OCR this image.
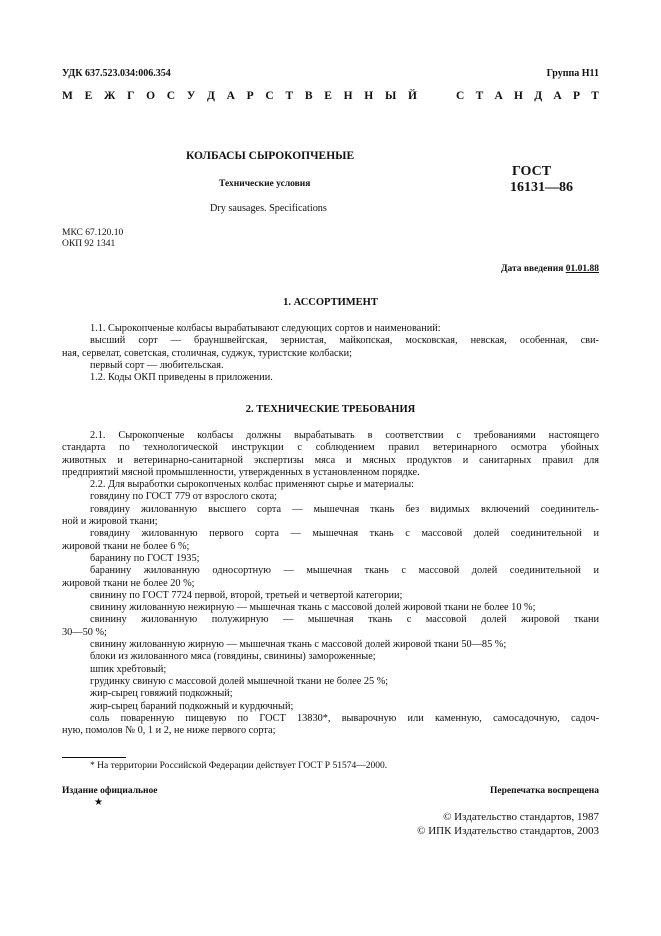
УДК 637.523.034:006.354	Группа Н11
М Е Ж Г О С У Д А Р С Т В Е Н Н Ы Й	С Т А Н Д А Р Т
КОЛБАСЫ СЫРОКОПЧЕНЫЕ
Технические условия
Dry sausages. Specifications
ГОСТ
16131—86
МКС 67.120.10
ОКП 92 1341
Дата введения 01.01.88
1. АССОРТИМЕНТ

1.1. Сырокопченые колбасы вырабатывают следующих сортов и наименований:

высший сорт — брауншвейгская, зернистая, майкопская, московская, невская, особенная, сви-

ная, сервелат, советская, столичная, суджук, туристские колбаски;

первый сорт — любительская.

1.2. Коды ОКП приведены в приложении.

2. ТЕХНИЧЕСКИЕ ТРЕБОВАНИЯ

2.1. Сырокопченые колбасы должны вырабатывать в соответствии с требованиями настоящего

стандарта по технологической инструкции с соблюдением правил ветеринарного осмотра убойных

животных и ветеринарно-санитарной экспертизы мяса и мясных продуктов и санитарных правил для

предприятий мясной промышленности, утвержденных в установленном порядке.

2.2. Для выработки сырокопченых колбас применяют сырье и материалы:

говядину по ГОСТ 779 от взрослого скота;

говядину жилованную высшего сорта — мышечная ткань без видимых включений соединитель-

ной и жировой ткани;

говядину жилованную первого сорта — мышечная ткань с массовой долей соединительной и

жировой ткани не более 6 %;

баранину по ГОСТ 1935;

баранину жилованную односортную — мышечная ткань с массовой долей соединительной и

жировой ткани не более 20 %;

свинину по ГОСТ 7724 первой, второй, третьей и четвертой категории;

свинину жилованную нежирную — мышечная ткань с массовой долей жировой ткани не более 10 %;

свинину жилованную полужирную — мышечная ткань с массовой долей жировой ткани

30—50 %;

свинину жилованную жирную — мышечная ткань с массовой долей жировой ткани 50—85 %;

блоки из жилованного мяса (говядины, свинины) замороженные;

шпик хребтовый;

грудинку свиную с массовой долей мышечной ткани не более 25 %;

жир-сырец говяжий подкожный;

жир-сырец бараний подкожный и курдючный;

соль поваренную пищевую по ГОСТ 13830*, выварочную или каменную, самосадочную, садоч-

ную, помолов № 0, 1 и 2, не ниже первого сорта;

* На территории Российской Федерации действует ГОСТ Р 51574—2000.
Издание официальное
★
Перепечатка воспрещена
© Издательство стандартов, 1987
© ИПК Издательство стандартов, 2003
